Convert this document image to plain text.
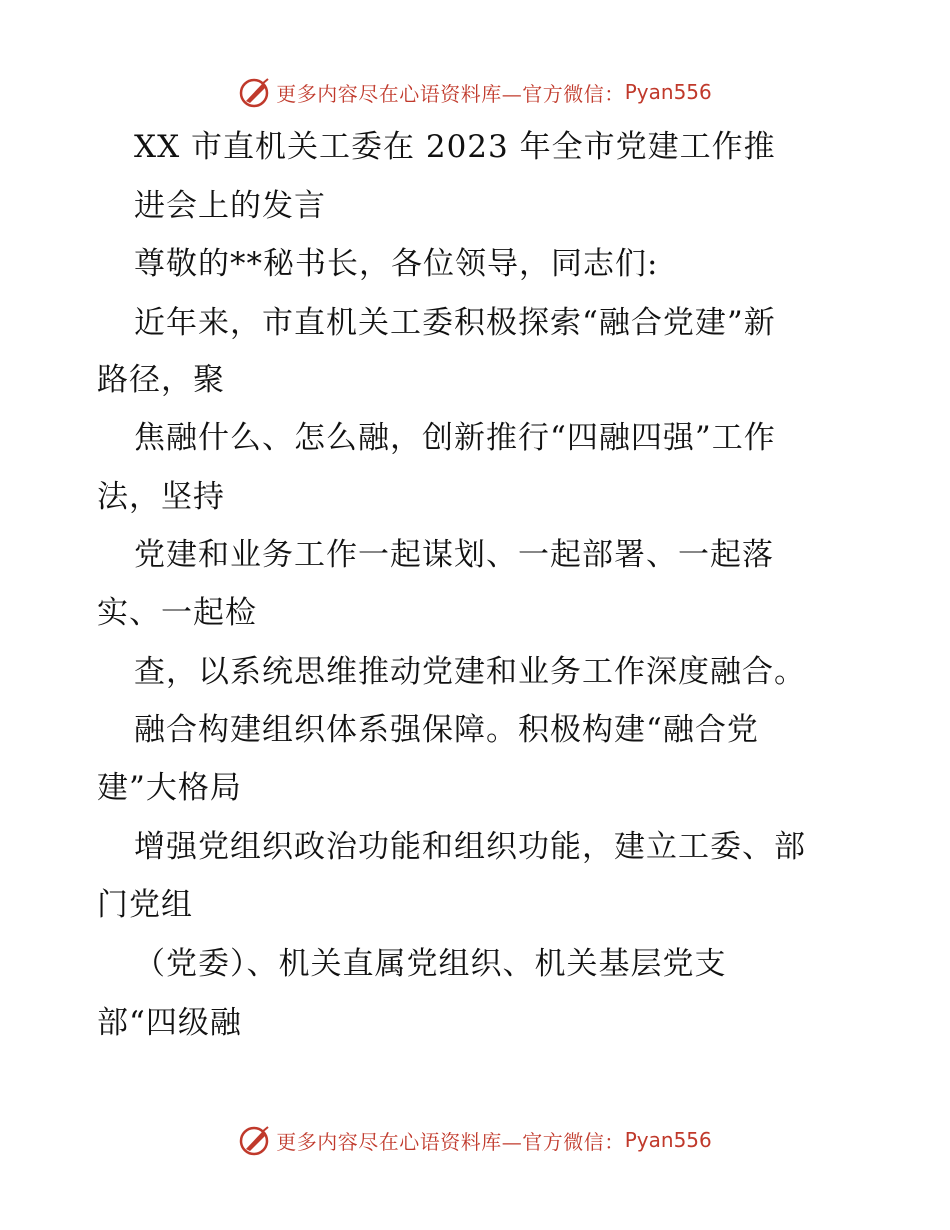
更多内容尽在心语资料库—官方微信： Pyan556
XX 市直机关工委在 2023 年全市党建工作推
进会上的发言
尊敬的**秘书长，各位领导，同志们:
近年来，市直机关工委积极探索“融合党建”新
路径，聚
焦融什么、怎么融，创新推行“四融四强”工作
法，坚持
党建和业务工作一起谋划、一起部署、一起落
实、一起检
查，以系统思维推动党建和业务工作深度融合。
融合构建组织体系强保障。积极构建“融合党
建”大格局
增强党组织政治功能和组织功能，建立工委、部
门党组
（党委）、机关直属党组织、机关基层党支
部“四级融
更多内容尽在心语资料库—官方微信： Pyan556
